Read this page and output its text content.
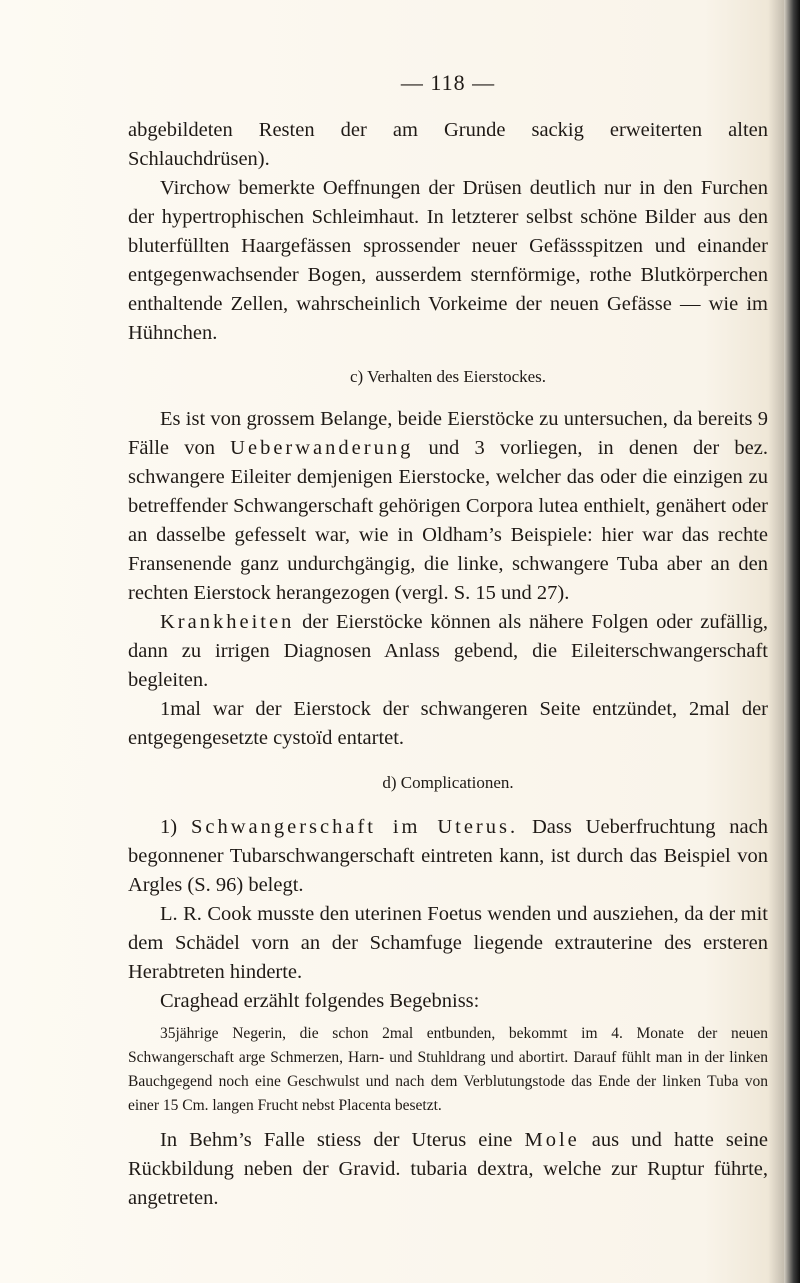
— 118 —

abgebildeten Resten der am Grunde sackig erweiterten alten Schlauchdrüsen).

Virchow bemerkte Oeffnungen der Drüsen deutlich nur in den Furchen der hypertrophischen Schleimhaut. In letzterer selbst schöne Bilder aus den bluterfüllten Haargefässen sprossender neuer Gefässspitzen und einander entgegenwachsender Bogen, ausserdem sternförmige, rothe Blutkörperchen enthaltende Zellen, wahrscheinlich Vorkeime der neuen Gefässe — wie im Hühnchen.

c) Verhalten des Eierstockes.

Es ist von grossem Belange, beide Eierstöcke zu untersuchen, da bereits 9 Fälle von Ueberwanderung und 3 vorliegen, in denen der bez. schwangere Eileiter demjenigen Eierstocke, welcher das oder die einzigen zu betreffender Schwangerschaft gehörigen Corpora lutea enthielt, genähert oder an dasselbe gefesselt war, wie in Oldham’s Beispiele: hier war das rechte Fransenende ganz undurchgängig, die linke, schwangere Tuba aber an den rechten Eierstock herangezogen (vergl. S. 15 und 27).

Krankheiten der Eierstöcke können als nähere Folgen oder zufällig, dann zu irrigen Diagnosen Anlass gebend, die Eileiterschwangerschaft begleiten.

1mal war der Eierstock der schwangeren Seite entzündet, 2mal der entgegengesetzte cystoïd entartet.

d) Complicationen.

1) Schwangerschaft im Uterus. Dass Ueberfruchtung nach begonnener Tubarschwangerschaft eintreten kann, ist durch das Beispiel von Argles (S. 96) belegt.

L. R. Cook musste den uterinen Foetus wenden und ausziehen, da der mit dem Schädel vorn an der Schamfuge liegende extrauterine des ersteren Herabtreten hinderte.

Craghead erzählt folgendes Begebniss:

35jährige Negerin, die schon 2mal entbunden, bekommt im 4. Monate der neuen Schwangerschaft arge Schmerzen, Harn- und Stuhldrang und abortirt. Darauf fühlt man in der linken Bauchgegend noch eine Geschwulst und nach dem Verblutungstode das Ende der linken Tuba von einer 15 Cm. langen Frucht nebst Placenta besetzt.

In Behm’s Falle stiess der Uterus eine Mole aus und hatte seine Rückbildung neben der Gravid. tubaria dextra, welche zur Ruptur führte, angetreten.
